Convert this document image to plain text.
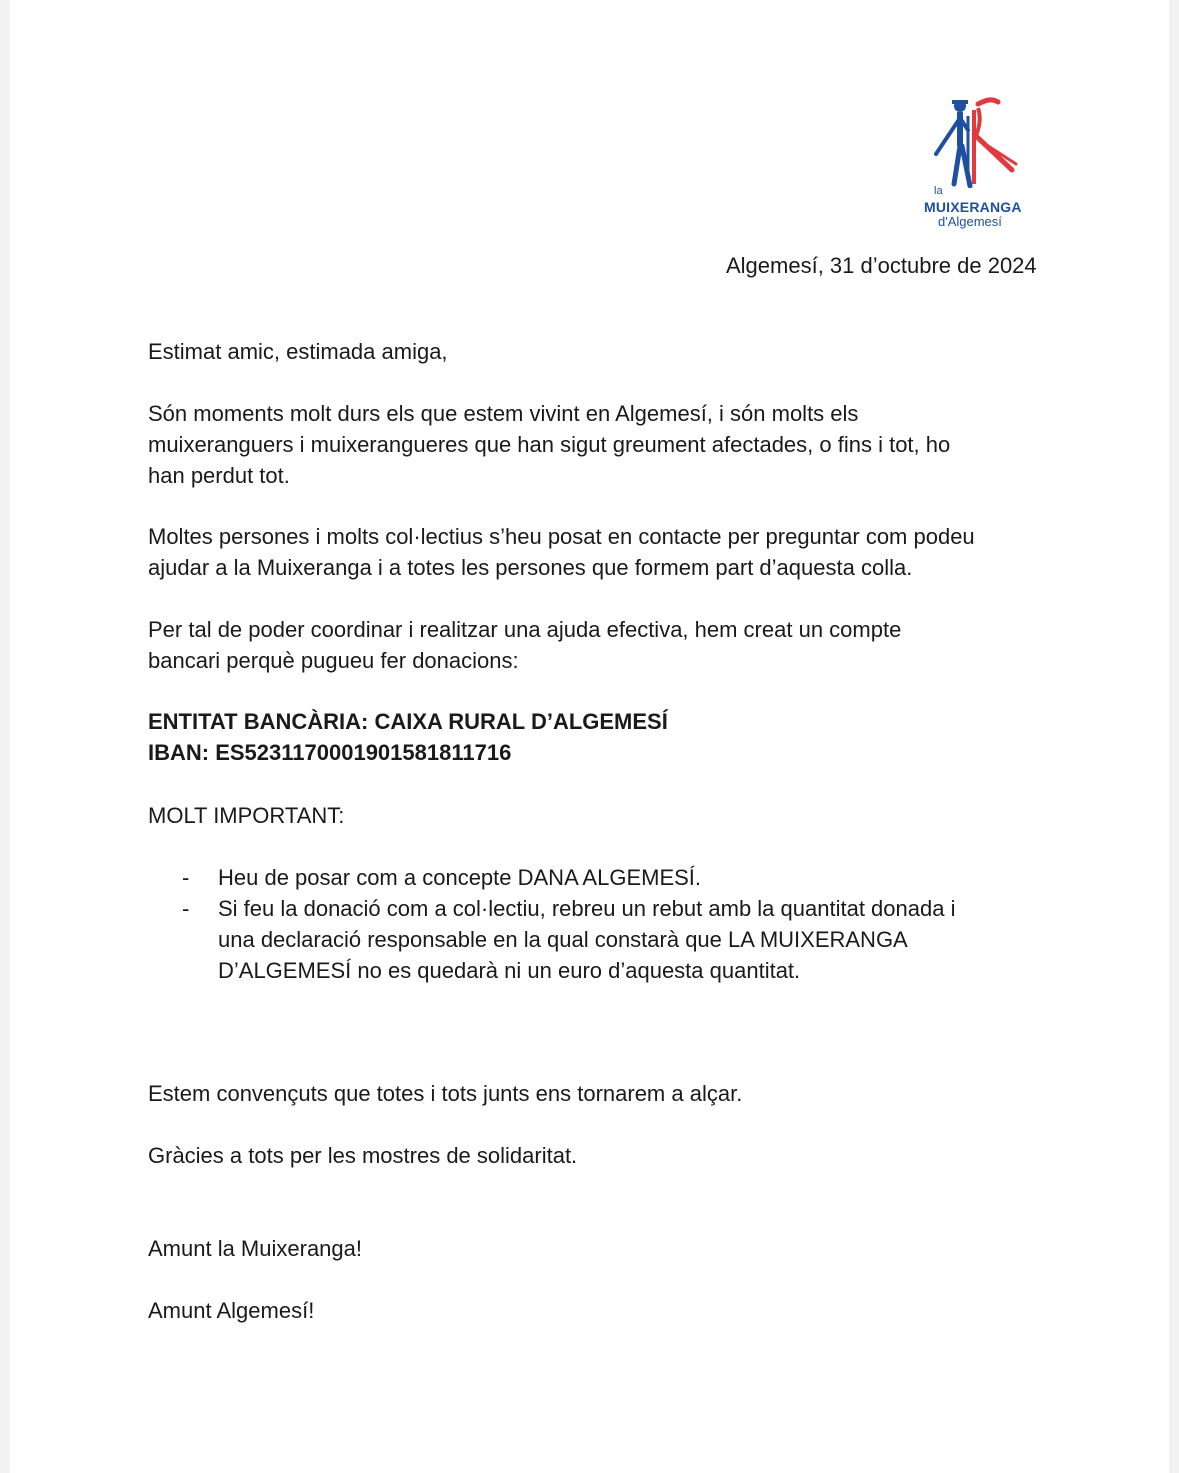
la
MUIXERANGA
d'Algemesí

Algemesí, 31 d’octubre de 2024

Estimat amic, estimada amiga,

Són moments molt durs els que estem vivint en Algemesí, i són molts els
muixeranguers i muixerangueres que han sigut greument afectades, o fins i tot, ho
han perdut tot.

Moltes persones i molts col·lectius s’heu posat en contacte per preguntar com podeu
ajudar a la Muixeranga i a totes les persones que formem part d’aquesta colla.

Per tal de poder coordinar i realitzar una ajuda efectiva, hem creat un compte
bancari perquè pugueu fer donacions:

ENTITAT BANCÀRIA: CAIXA RURAL D’ALGEMESÍ
IBAN: ES5231170001901581811716

MOLT IMPORTANT:

- Heu de posar com a concepte DANA ALGEMESÍ.
- Si feu la donació com a col·lectiu, rebreu un rebut amb la quantitat donada i
una declaració responsable en la qual constarà que LA MUIXERANGA
D’ALGEMESÍ no es quedarà ni un euro d’aquesta quantitat.

Estem convençuts que totes i tots junts ens tornarem a alçar.

Gràcies a tots per les mostres de solidaritat.

Amunt la Muixeranga!

Amunt Algemesí!
